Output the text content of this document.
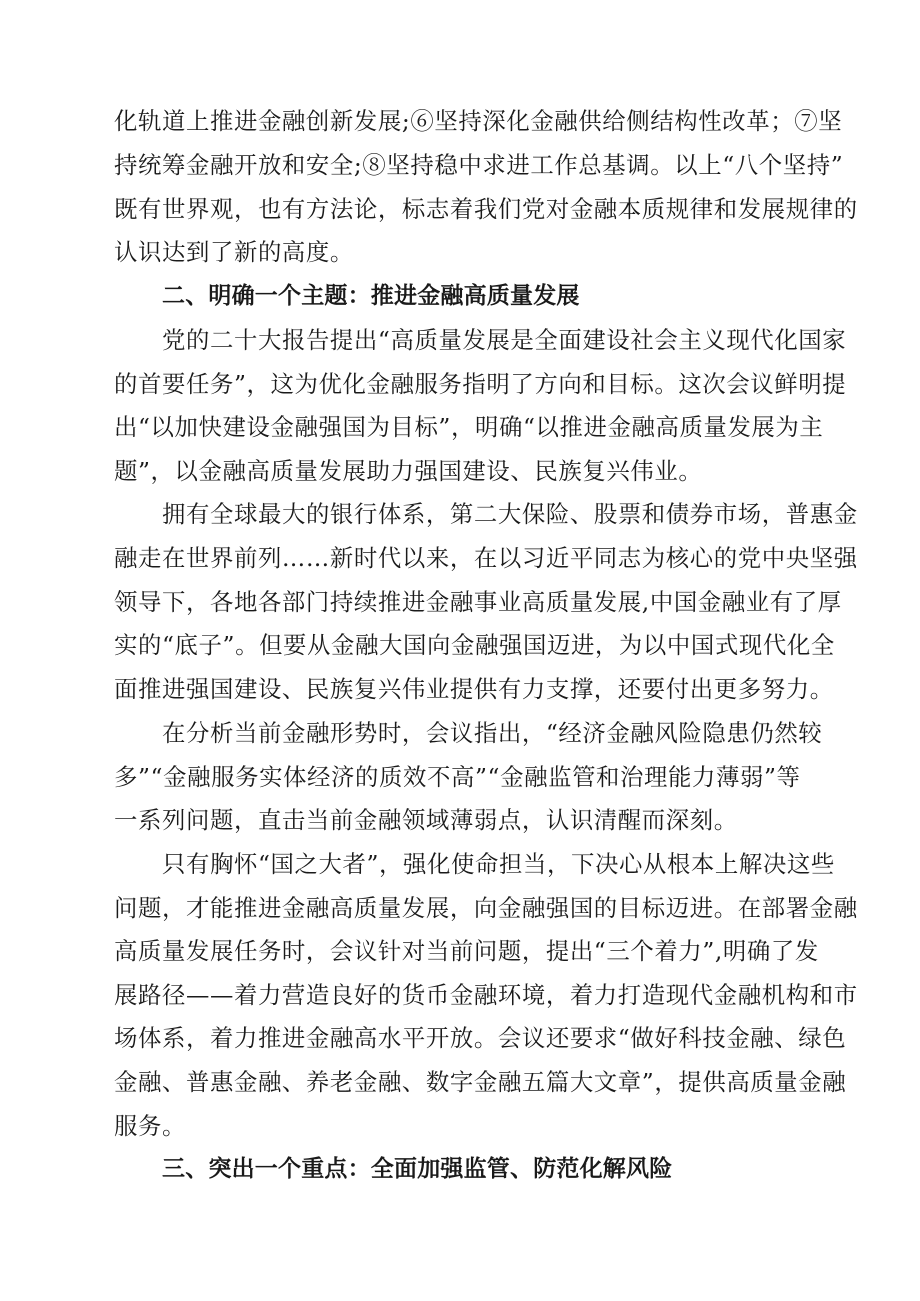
化轨道上推进金融创新发展;⑥坚持深化金融供给侧结构性改革；⑦坚
持统筹金融开放和安全;⑧坚持稳中求进工作总基调。以上“八个坚持”
既有世界观，也有方法论，标志着我们党对金融本质规律和发展规律的
认识达到了新的高度。
二、明确一个主题：推进金融高质量发展
党的二十大报告提出“高质量发展是全面建设社会主义现代化国家
的首要任务”，这为优化金融服务指明了方向和目标。这次会议鲜明提
出“以加快建设金融强国为目标”，明确“以推进金融高质量发展为主
题”，以金融高质量发展助力强国建设、民族复兴伟业。
拥有全球最大的银行体系，第二大保险、股票和债券市场，普惠金
融走在世界前列……新时代以来，在以习近平同志为核心的党中央坚强
领导下，各地各部门持续推进金融事业高质量发展,中国金融业有了厚
实的“底子”。但要从金融大国向金融强国迈进，为以中国式现代化全
面推进强国建设、民族复兴伟业提供有力支撑，还要付出更多努力。
在分析当前金融形势时，会议指出，“经济金融风险隐患仍然较
多”“金融服务实体经济的质效不高”“金融监管和治理能力薄弱”等
一系列问题，直击当前金融领域薄弱点，认识清醒而深刻。
只有胸怀“国之大者”，强化使命担当，下决心从根本上解决这些
问题，才能推进金融高质量发展，向金融强国的目标迈进。在部署金融
高质量发展任务时，会议针对当前问题，提出“三个着力”,明确了发
展路径——着力营造良好的货币金融环境，着力打造现代金融机构和市
场体系，着力推进金融高水平开放。会议还要求“做好科技金融、绿色
金融、普惠金融、养老金融、数字金融五篇大文章”，提供高质量金融
服务。
三、突出一个重点：全面加强监管、防范化解风险
